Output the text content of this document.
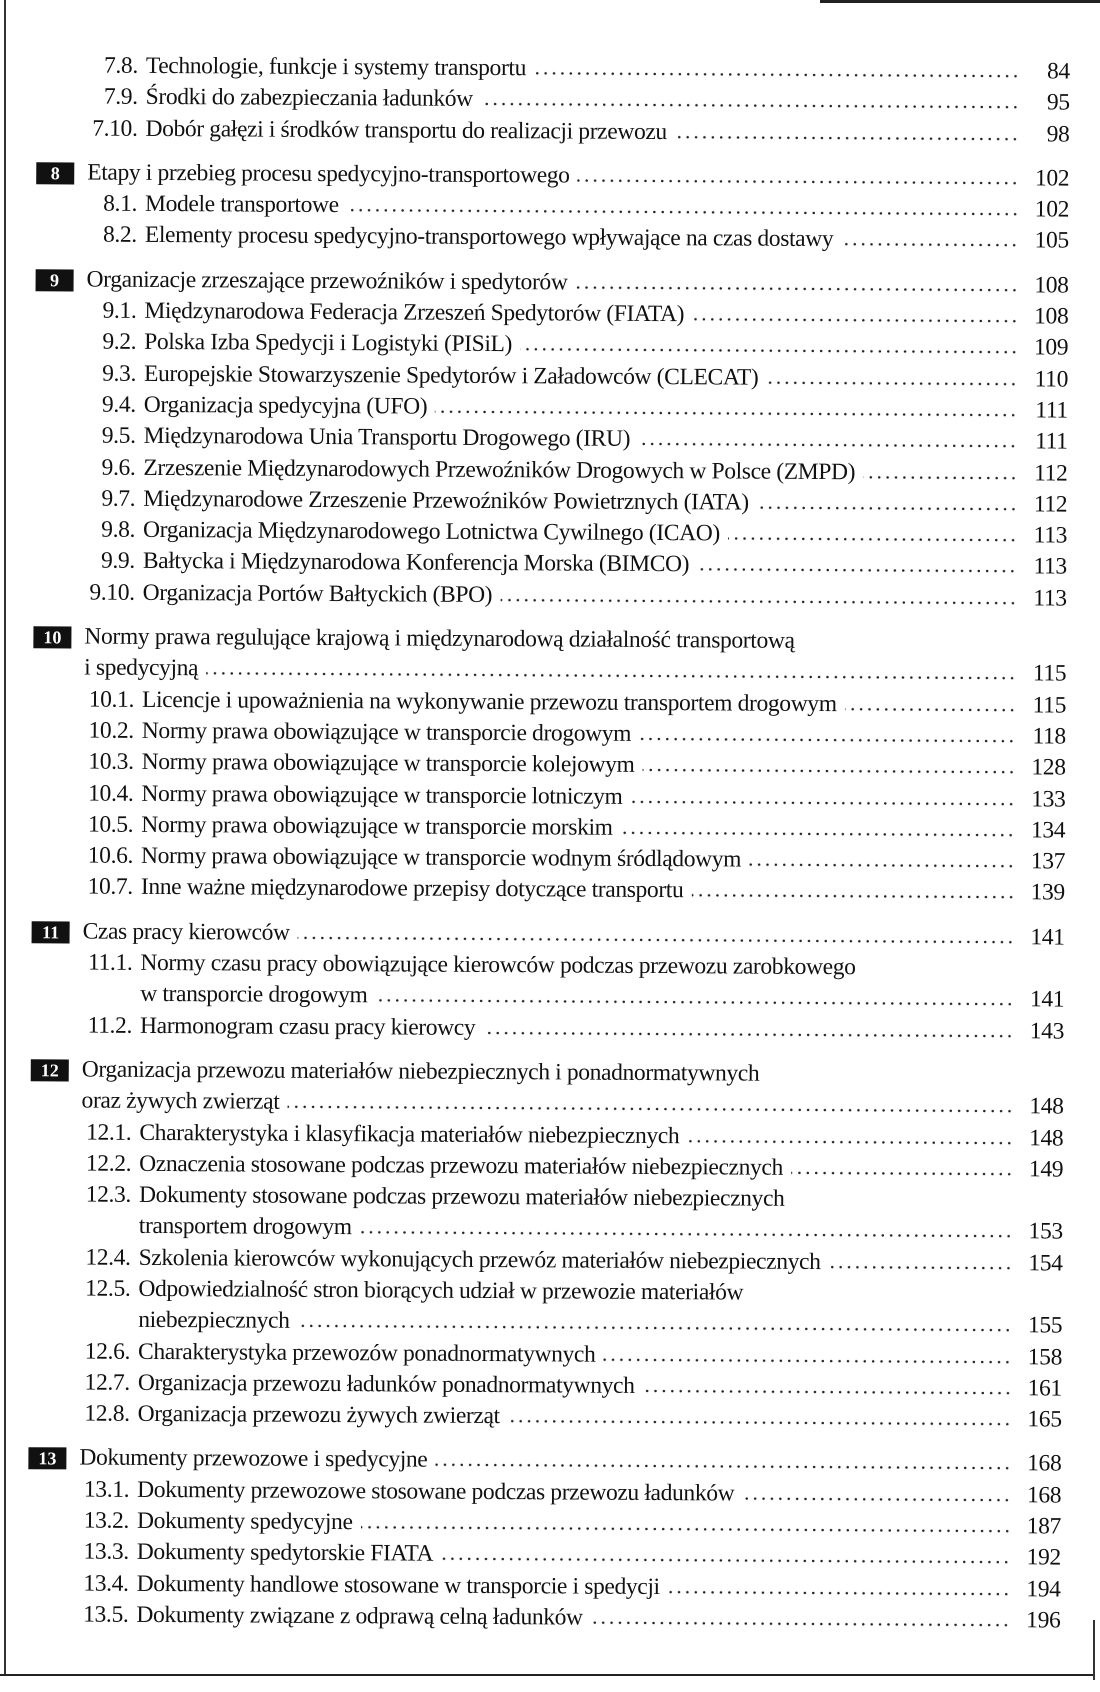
7.8. Technologie, funkcje i systemy transportu	84
7.9. Środki do zabezpieczania ładunków	95
7.10. Dobór gałęzi i środków transportu do realizacji przewozu	98
8	Etapy i przebieg procesu spedycyjno-transportowego	102
8.1. Modele transportowe	102
8.2. Elementy procesu spedycyjno-transportowego wpływające na czas dostawy	105
9	Organizacje zrzeszające przewoźników i spedytorów	108
9.1. Międzynarodowa Federacja Zrzeszeń Spedytorów (FIATA)	108
9.2. Polska Izba Spedycji i Logistyki (PISiL)	109
9.3. Europejskie Stowarzyszenie Spedytorów i Załadowców (CLECAT)	110
9.4. Organizacja spedycyjna (UFO)	111
9.5. Międzynarodowa Unia Transportu Drogowego (IRU)	111
9.6. Zrzeszenie Międzynarodowych Przewoźników Drogowych w Polsce (ZMPD)	112
9.7. Międzynarodowe Zrzeszenie Przewoźników Powietrznych (IATA)	112
9.8. Organizacja Międzynarodowego Lotnictwa Cywilnego (ICAO)	113
9.9. Bałtycka i Międzynarodowa Konferencja Morska (BIMCO)	113
9.10. Organizacja Portów Bałtyckich (BPO)	113
10 Normy prawa regulujące krajową i międzynarodową działalność transportową
i spedycyjną	115
10.1. Licencje i upoważnienia na wykonywanie przewozu transportem drogowym	115
10.2. Normy prawa obowiązujące w transporcie drogowym	118
10.3. Normy prawa obowiązujące w transporcie kolejowym	128
10.4. Normy prawa obowiązujące w transporcie lotniczym	133
10.5. Normy prawa obowiązujące w transporcie morskim	134
10.6. Normy prawa obowiązujące w transporcie wodnym śródlądowym	137
10.7. Inne ważne międzynarodowe przepisy dotyczące transportu	139
11 Czas pracy kierowców	141
11.1. Normy czasu pracy obowiązujące kierowców podczas przewozu zarobkowego
w transporcie drogowym	141
11.2. Harmonogram czasu pracy kierowcy	143
12 Organizacja przewozu materiałów niebezpiecznych i ponadnormatywnych
oraz żywych zwierząt	148
12.1. Charakterystyka i klasyfikacja materiałów niebezpiecznych	148
12.2. Oznaczenia stosowane podczas przewozu materiałów niebezpiecznych	149
12.3. Dokumenty stosowane podczas przewozu materiałów niebezpiecznych
transportem drogowym	153
12.4. Szkolenia kierowców wykonujących przewóz materiałów niebezpiecznych	154
12.5. Odpowiedzialność stron biorących udział w przewozie materiałów
niebezpiecznych	155
12.6. Charakterystyka przewozów ponadnormatywnych	158
12.7. Organizacja przewozu ładunków ponadnormatywnych	161
12.8. Organizacja przewozu żywych zwierząt	165
13 Dokumenty przewozowe i spedycyjne	168
13.1. Dokumenty przewozowe stosowane podczas przewozu ładunków	168
13.2. Dokumenty spedycyjne	187
13.3. Dokumenty spedytorskie FIATA	192
13.4. Dokumenty handlowe stosowane w transporcie i spedycji	194
13.5. Dokumenty związane z odprawą celną ładunków	196
